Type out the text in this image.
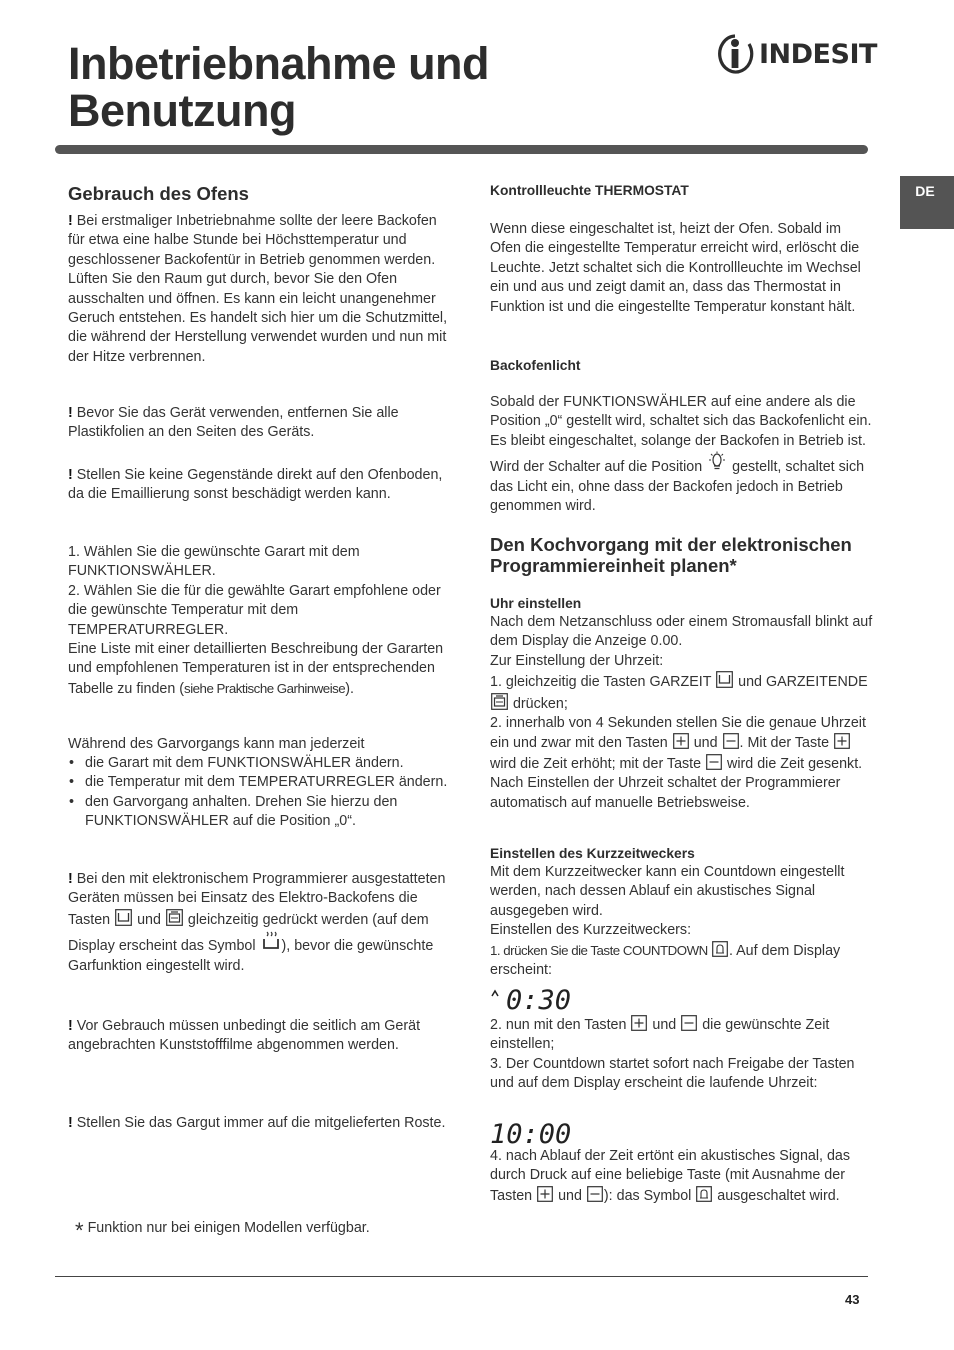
Inbetriebnahme und
Benutzung
INDESIT
DE
Gebrauch des Ofens

! Bei erstmaliger Inbetriebnahme sollte der leere Backofen für etwa eine halbe Stunde bei Höchsttemperatur und geschlossener Backofentür in Betrieb genommen werden. Lüften Sie den Raum gut durch, bevor Sie den Ofen ausschalten und öffnen. Es kann ein leicht unangenehmer Geruch entstehen. Es handelt sich hier um die Schutzmittel, die während der Herstellung verwendet wurden und nun mit der Hitze verbrennen.

! Bevor Sie das Gerät verwenden, entfernen Sie alle Plastikfolien an den Seiten des Geräts.

! Stellen Sie keine Gegenstände direkt auf den Ofenboden, da die Emaillierung sonst beschädigt werden kann.

1. Wählen Sie die gewünschte Garart mit dem FUNKTIONSWÄHLER.
2. Wählen Sie die für die gewählte Garart empfohlene oder die gewünschte Temperatur mit dem TEMPERATURREGLER.
Eine Liste mit einer detaillierten Beschreibung der Gararten und empfohlenen Temperaturen ist in der entsprechenden Tabelle zu finden (siehe Praktische Garhinweise).

Während des Garvorgangs kann man jederzeit

• die Garart mit dem FUNKTIONSWÄHLER ändern.
• die Temperatur mit dem TEMPERATURREGLER ändern.
• den Garvorgang anhalten. Drehen Sie hierzu den FUNKTIONSWÄHLER auf die Position „0“.

! Bei den mit elektronischem Programmierer ausgestatteten Geräten müssen bei Einsatz des Elektro-Backofens die Tasten  und  gleichzeitig gedrückt werden (auf dem Display erscheint das Symbol ), bevor die gewünschte Garfunktion eingestellt wird.

! Vor Gebrauch müssen unbedingt die seitlich am Gerät angebrachten Kunststofffilme abgenommen werden.

! Stellen Sie das Gargut immer auf die mitgelieferten Roste.

* Funktion nur bei einigen Modellen verfügbar.
Kontrollleuchte THERMOSTAT

Wenn diese eingeschaltet ist, heizt der Ofen. Sobald im Ofen die eingestellte Temperatur erreicht wird, erlöscht die Leuchte. Jetzt schaltet sich die Kontrollleuchte im Wechsel ein und aus und zeigt damit an, dass das Thermostat in Funktion ist und die eingestellte Temperatur konstant hält.

Backofenlicht

Sobald der FUNKTIONSWÄHLER auf eine andere als die Position „0“ gestellt wird, schaltet sich das Backofenlicht ein. Es bleibt eingeschaltet, solange der Backofen in Betrieb ist. Wird der Schalter auf die Position  gestellt, schaltet sich das Licht ein, ohne dass der Backofen jedoch in Betrieb genommen wird.

Den Kochvorgang mit der elektronischen Programmiereinheit planen*
Uhr einstellen

Nach dem Netzanschluss oder einem Stromausfall blinkt auf dem Display die Anzeige 0.00.
Zur Einstellung der Uhrzeit:
1. gleichzeitig die Tasten GARZEIT  und GARZEITENDE  drücken;
2. innerhalb von 4 Sekunden stellen Sie die genaue Uhrzeit ein und zwar mit den Tasten  und . Mit der Taste  wird die Zeit erhöht; mit der Taste  wird die Zeit gesenkt.
Nach Einstellen der Uhrzeit schaltet der Programmierer automatisch auf manuelle Betriebsweise.

Einstellen des Kurzzeitweckers

Mit dem Kurzzeitwecker kann ein Countdown eingestellt werden, nach dessen Ablauf ein akustisches Signal ausgegeben wird.
Einstellen des Kurzzeitweckers:
1. drücken Sie die Taste COUNTDOWN . Auf dem Display erscheint:

0:30

2. nun mit den Tasten  und  die gewünschte Zeit einstellen;
3. Der Countdown startet sofort nach Freigabe der Tasten und auf dem Display erscheint die laufende Uhrzeit:

10:00

4. nach Ablauf der Zeit ertönt ein akustisches Signal, das durch Druck auf eine beliebige Taste (mit Ausnahme der Tasten  und ): das Symbol  ausgeschaltet wird.

43
